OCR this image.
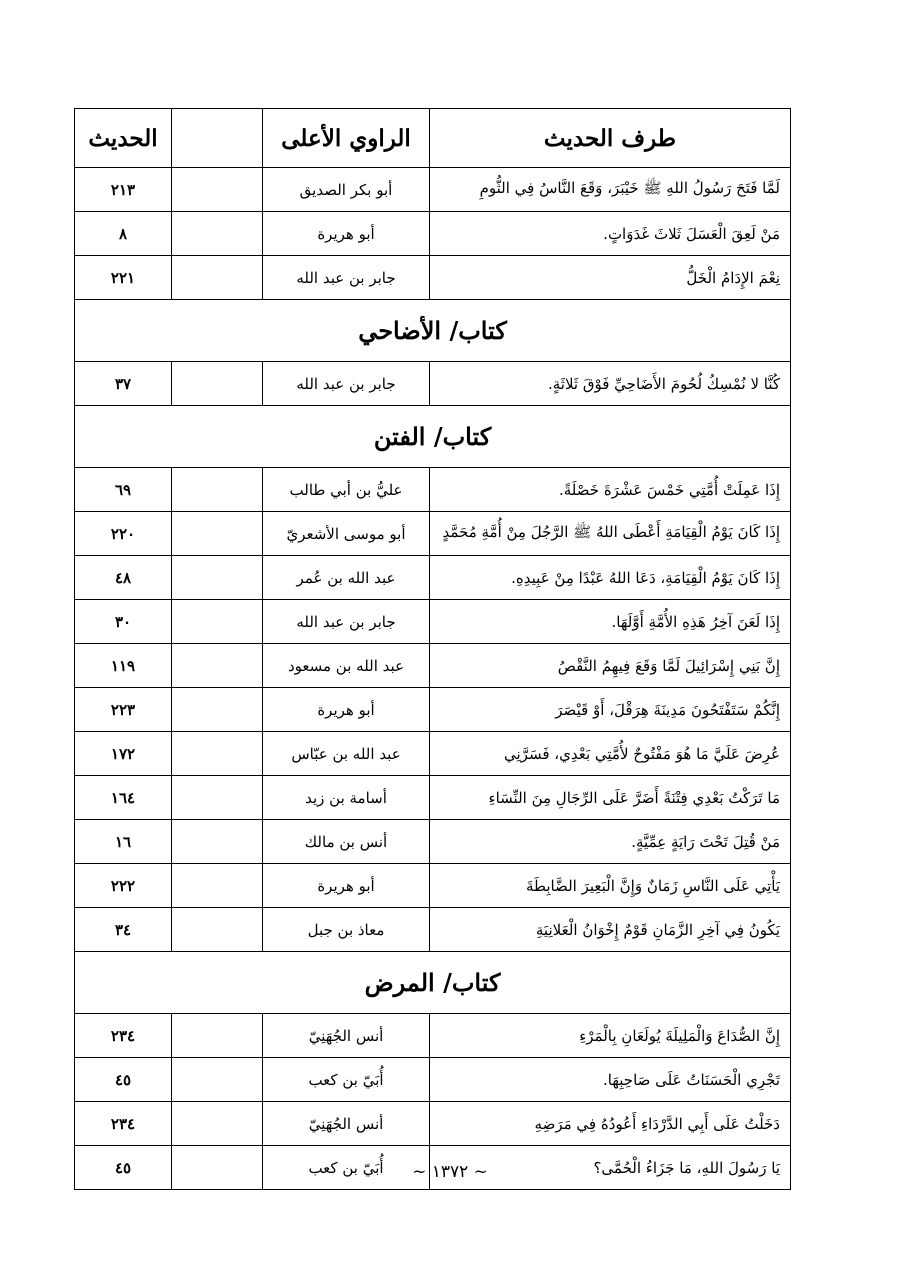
طرف الحديث	الراوي الأعلى		الحديث
لَمَّا فَتَحَ رَسُولُ اللهِ ﷺ خَيْبَرَ، وَقَعَ النَّاسُ فِي الثُّومِ	أبو بكر الصديق		٢١٣
مَنْ لَعِقَ الْعَسَلَ ثَلاثَ غَدَوَاتٍ.	أبو هريرة		٨
نِعْمَ الإِدَامُ الْخَلُّ	جابر بن عبد الله		٢٢١
كتاب/ الأضاحي			
كُنَّا لا نُمْسِكُ لُحُومَ الأَضَاحِيِّ فَوْقَ ثَلاثَةٍ.	جابر بن عبد الله		٣٧
كتاب/ الفتن			
إِذَا عَمِلَتْ أُمَّتِي خَمْسَ عَشْرَةَ خَصْلَةً.	عليُّ بن أبي طالب		٦٩
إِذَا كَانَ يَوْمُ الْقِيَامَةِ أَعْطَى اللهُ ﷺ الرَّجُلَ مِنْ أُمَّةِ مُحَمَّدٍ	أبو موسى الأشعريّ		٢٢٠
إِذَا كَانَ يَوْمُ الْقِيَامَةِ، دَعَا اللهُ عَبْدًا مِنْ عَبِيدِهِ.	عبد الله بن عُمر		٤٨
إِذَا لَعَنَ آخِرُ هَذِهِ الأُمَّةِ أَوَّلَهَا.	جابر بن عبد الله		٣٠
إِنَّ بَنِي إِسْرَائِيلَ لَمَّا وَقَعَ فِيهِمُ النَّقْصُ	عبد الله بن مسعود		١١٩
إِنَّكُمْ سَتَفْتَحُونَ مَدِينَةَ هِرَقْلَ، أَوْ قَيْصَرَ	أبو هريرة		٢٢٣
عُرِضَ عَلَيَّ مَا هُوَ مَفْتُوحٌ لأُمَّتِي بَعْدِي، فَسَرَّنِي	عبد الله بن عبّاس		١٧٢
مَا تَرَكْتُ بَعْدِي فِتْنَةً أَضَرَّ عَلَى الرِّجَالِ مِنَ النِّسَاءِ	أسامة بن زيد		١٦٤
مَنْ قُتِلَ تَحْتَ رَايَةٍ عِمِّيَّةٍ.	أنس بن مالك		١٦
يَأْتِي عَلَى النَّاسِ زَمَانٌ وَإِنَّ الْبَعِيرَ الضَّابِطَةَ	أبو هريرة		٢٢٢
يَكُونُ فِي آخِرِ الزَّمَانِ قَوْمٌ إِخْوَانُ الْعَلانِيَةِ	معاذ بن جبل		٣٤
كتاب/ المرض			
إِنَّ الصُّدَاعَ وَالْمَلِيلَةَ يُولَعَانِ بِالْمَرْءِ	أنس الجُهَنِيّ		٢٣٤
تَجْرِي الْحَسَنَاتُ عَلَى صَاحِبِهَا.	أُبَيّ بن كعب		٤٥
دَخَلْتُ عَلَى أَبِي الدَّرْدَاءِ أَعُودُهُ فِي مَرَضِهِ	أنس الجُهَنِيّ		٢٣٤
يَا رَسُولَ اللهِ، مَا جَزَاءُ الْحُمَّى؟	أُبَيّ بن كعب		٤٥	~ ١٣٧٢ ~
